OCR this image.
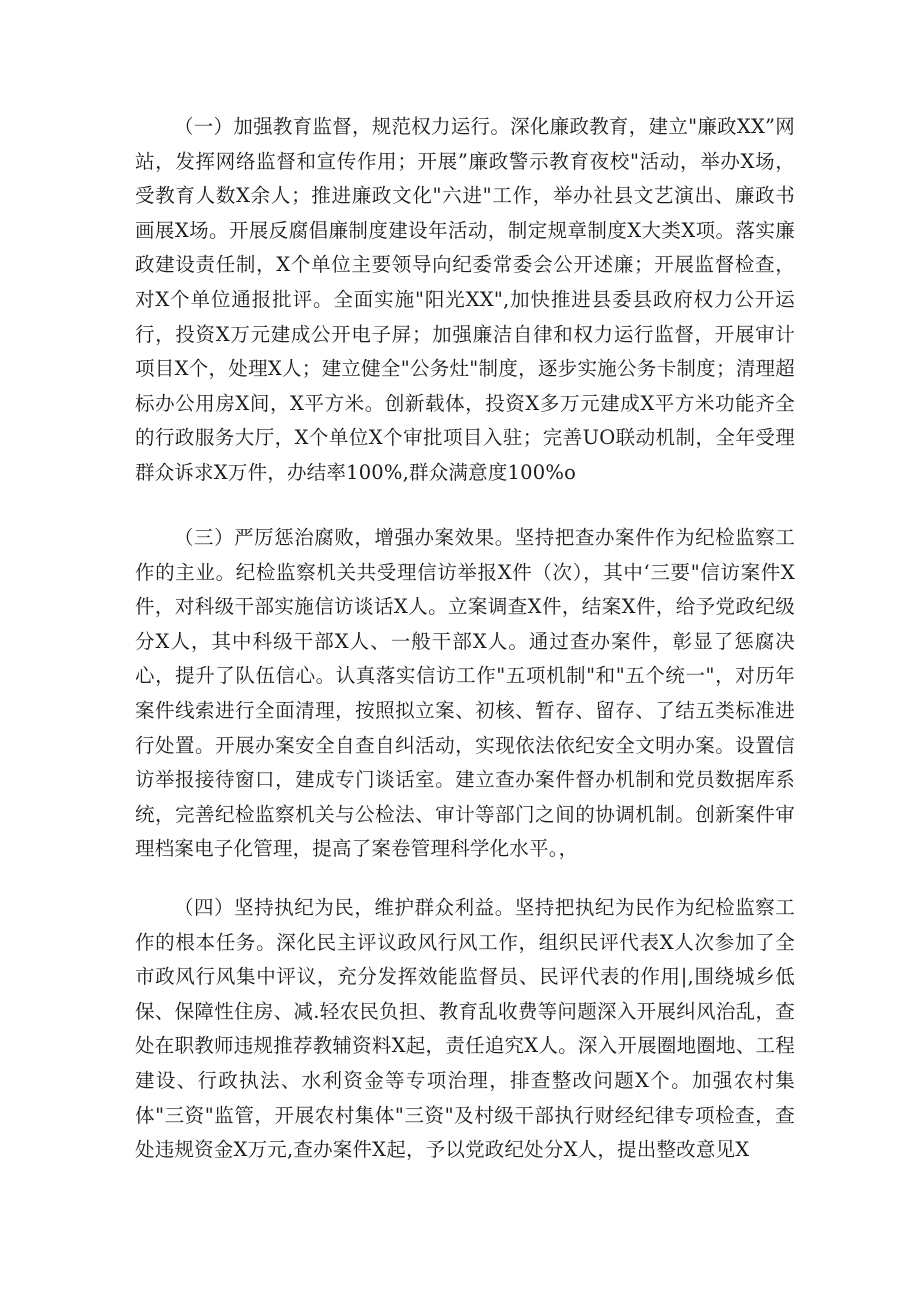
（一）加强教育监督，规范权力运行。深化廉政教育，建立"廉政XX”网站，发挥网络监督和宣传作用；开展”廉政警示教育夜校"活动，举办X场，受教育人数X余人；推进廉政文化"六进"工作，举办社县文艺演出、廉政书画展X场。开展反腐倡廉制度建设年活动，制定规章制度X大类X项。落实廉政建设责任制，X个单位主要领导向纪委常委会公开述廉；开展监督检查，对X个单位通报批评。全面实施"阳光XX",加快推进县委县政府权力公开运行，投资X万元建成公开电子屏；加强廉洁自律和权力运行监督，开展审计项目X个，处理X人；建立健全"公务灶"制度，逐步实施公务卡制度；清理超标办公用房X间，X平方米。创新载体，投资X多万元建成X平方米功能齐全的行政服务大厅，X个单位X个审批项目入驻；完善UO联动机制，全年受理群众诉求X万件，办结率100%,群众满意度100%o

（三）严厉惩治腐败，增强办案效果。坚持把查办案件作为纪检监察工作的主业。纪检监察机关共受理信访举报X件（次），其中‘三要"信访案件X件，对科级干部实施信访谈话X人。立案调查X件，结案X件，给予党政纪级分X人，其中科级干部X人、一般干部X人。通过查办案件，彰显了惩腐决心，提升了队伍信心。认真落实信访工作"五项机制"和"五个统一"，对历年案件线索进行全面清理，按照拟立案、初核、暂存、留存、了结五类标准进行处置。开展办案安全自查自纠活动，实现依法依纪安全文明办案。设置信访举报接待窗口，建成专门谈话室。建立查办案件督办机制和党员数据库系统，完善纪检监察机关与公检法、审计等部门之间的协调机制。创新案件审理档案电子化管理，提高了案卷管理科学化水平。，

（四）坚持执纪为民，维护群众利益。坚持把执纪为民作为纪检监察工作的根本任务。深化民主评议政风行风工作，组织民评代表X人次参加了全市政风行风集中评议，充分发挥效能监督员、民评代表的作用|,围绕城乡低保、保障性住房、减.轻农民负担、教育乱收费等问题深入开展纠风治乱，查处在职教师违规推荐教辅资料X起，责任追究X人。深入开展圈地圈地、工程建设、行政执法、水利资金等专项治理，排查整改问题X个。加强农村集体"三资"监管，开展农村集体"三资"及村级干部执行财经纪律专项检查，查处违规资金X万元,查办案件X起，予以党政纪处分X人，提出整改意见X
